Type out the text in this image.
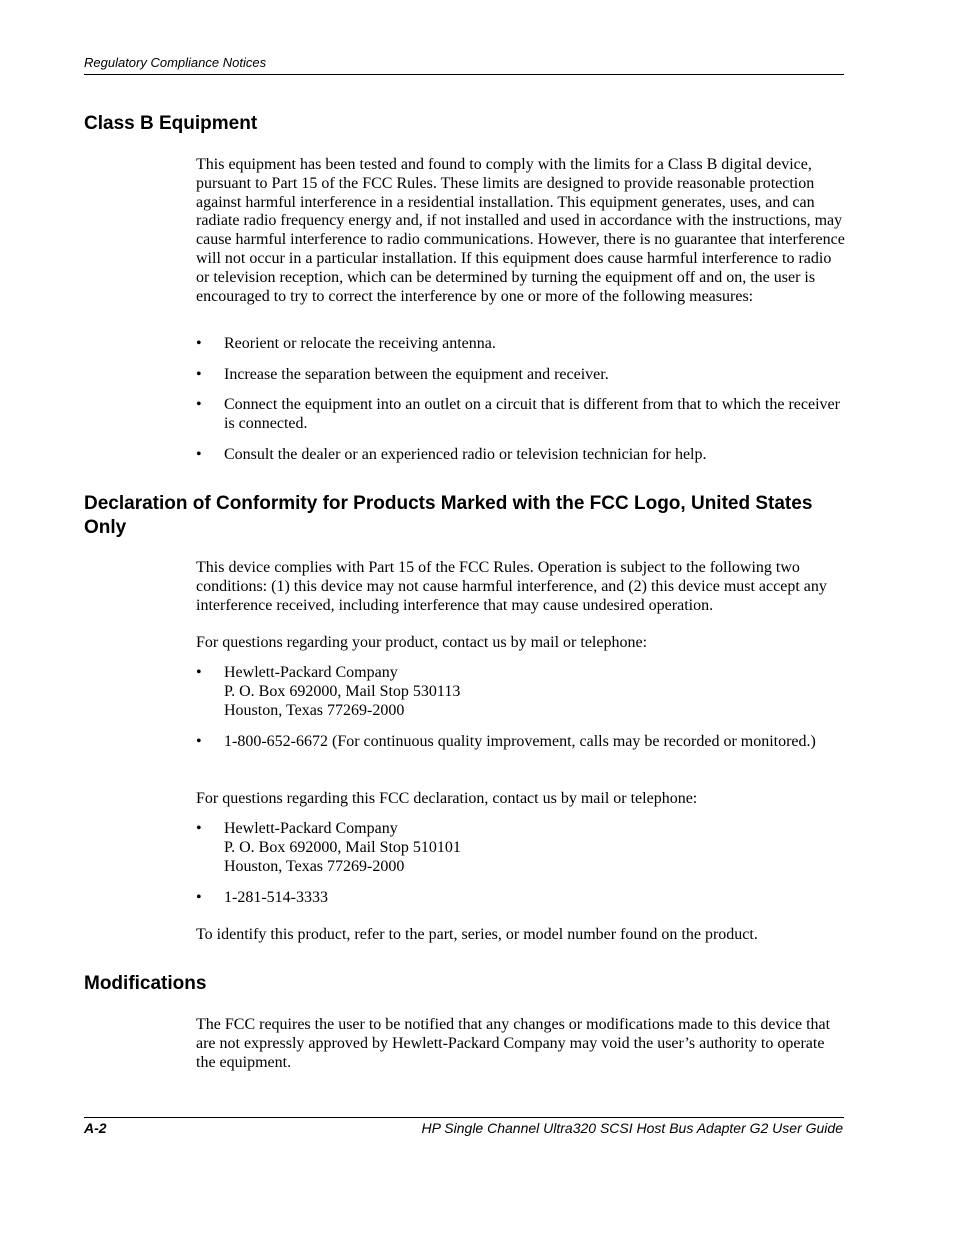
Regulatory Compliance Notices
Class B Equipment

This equipment has been tested and found to comply with the limits for a Class B digital device, pursuant to Part 15 of the FCC Rules. These limits are designed to provide reasonable protection against harmful interference in a residential installation. This equipment generates, uses, and can radiate radio frequency energy and, if not installed and used in accordance with the instructions, may cause harmful interference to radio communications. However, there is no guarantee that interference will not occur in a particular installation. If this equipment does cause harmful interference to radio or television reception, which can be determined by turning the equipment off and on, the user is encouraged to try to correct the interference by one or more of the following measures:

• Reorient or relocate the receiving antenna.
• Increase the separation between the equipment and receiver.
• Connect the equipment into an outlet on a circuit that is different from that to which the receiver is connected.
• Consult the dealer or an experienced radio or television technician for help.
Declaration of Conformity for Products Marked with the FCC Logo, United States Only

This device complies with Part 15 of the FCC Rules. Operation is subject to the following two conditions: (1) this device may not cause harmful interference, and (2) this device must accept any interference received, including interference that may cause undesired operation.

For questions regarding your product, contact us by mail or telephone:

• Hewlett-Packard Company
P. O. Box 692000, Mail Stop 530113
Houston, Texas 77269-2000
• 1-800-652-6672 (For continuous quality improvement, calls may be recorded or monitored.)

For questions regarding this FCC declaration, contact us by mail or telephone:

• Hewlett-Packard Company
P. O. Box 692000, Mail Stop 510101
Houston, Texas 77269-2000
• 1-281-514-3333

To identify this product, refer to the part, series, or model number found on the product.

Modifications

The FCC requires the user to be notified that any changes or modifications made to this device that are not expressly approved by Hewlett-Packard Company may void the user’s authority to operate the equipment.

A-2	HP Single Channel Ultra320 SCSI Host Bus Adapter G2 User Guide
